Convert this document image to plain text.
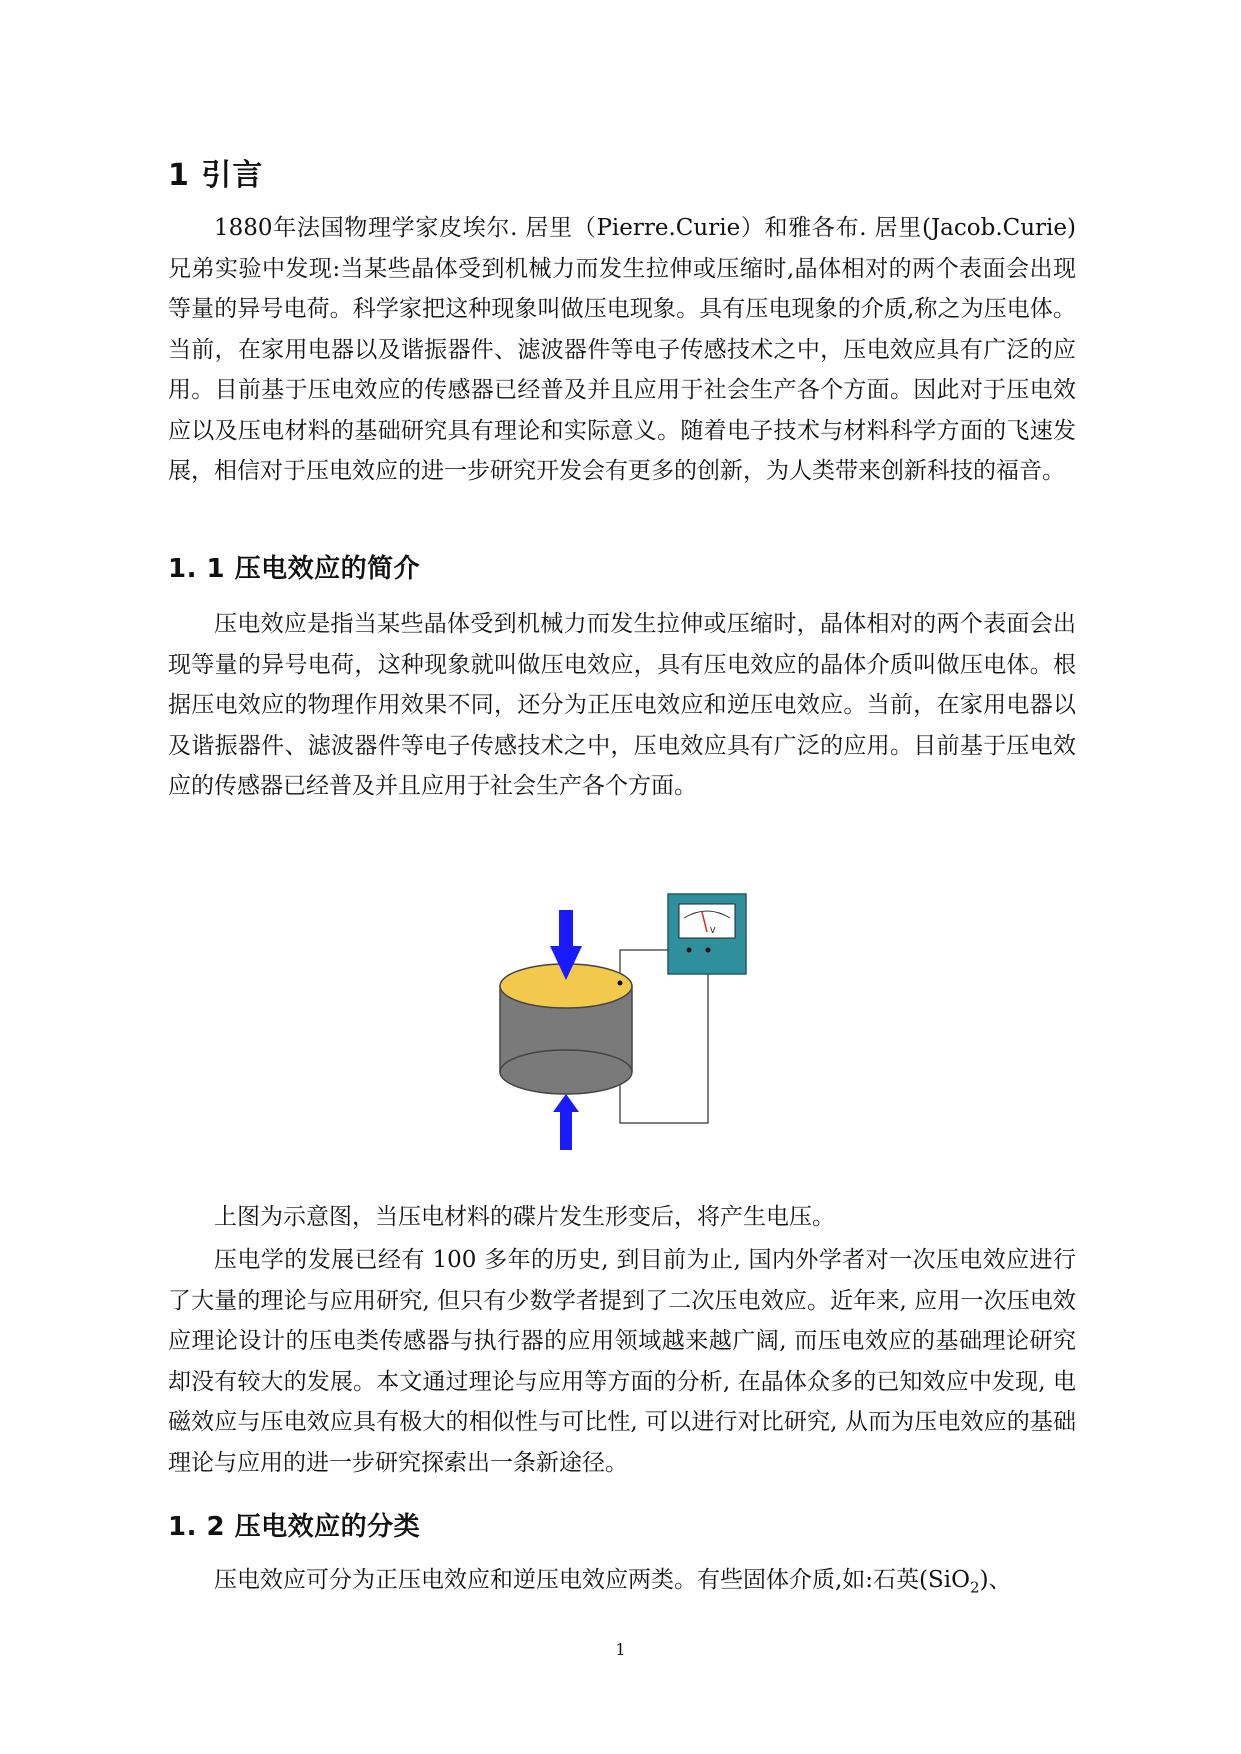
1 引言

1880年法国物理学家皮埃尔. 居里（Pierre.Curie）和雅各布. 居里(Jacob.Curie)兄弟实验中发现:当某些晶体受到机械力而发生拉伸或压缩时,晶体相对的两个表面会出现等量的异号电荷。科学家把这种现象叫做压电现象。具有压电现象的介质,称之为压电体。当前，在家用电器以及谐振器件、滤波器件等电子传感技术之中，压电效应具有广泛的应用。目前基于压电效应的传感器已经普及并且应用于社会生产各个方面。因此对于压电效应以及压电材料的基础研究具有理论和实际意义。随着电子技术与材料科学方面的飞速发展，相信对于压电效应的进一步研究开发会有更多的创新，为人类带来创新科技的福音。

1. 1 压电效应的简介

压电效应是指当某些晶体受到机械力而发生拉伸或压缩时，晶体相对的两个表面会出现等量的异号电荷，这种现象就叫做压电效应，具有压电效应的晶体介质叫做压电体。根据压电效应的物理作用效果不同，还分为正压电效应和逆压电效应。当前，在家用电器以及谐振器件、滤波器件等电子传感技术之中，压电效应具有广泛的应用。目前基于压电效应的传感器已经普及并且应用于社会生产各个方面。

V
上图为示意图，当压电材料的碟片发生形变后，将产生电压。

压电学的发展已经有 100 多年的历史, 到目前为止, 国内外学者对一次压电效应进行了大量的理论与应用研究, 但只有少数学者提到了二次压电效应。近年来, 应用一次压电效应理论设计的压电类传感器与执行器的应用领域越来越广阔, 而压电效应的基础理论研究却没有较大的发展。本文通过理论与应用等方面的分析, 在晶体众多的已知效应中发现, 电磁效应与压电效应具有极大的相似性与可比性, 可以进行对比研究, 从而为压电效应的基础理论与应用的进一步研究探索出一条新途径。

1. 2 压电效应的分类

压电效应可分为正压电效应和逆压电效应两类。有些固体介质,如:石英(SiO$_2$)、

1
